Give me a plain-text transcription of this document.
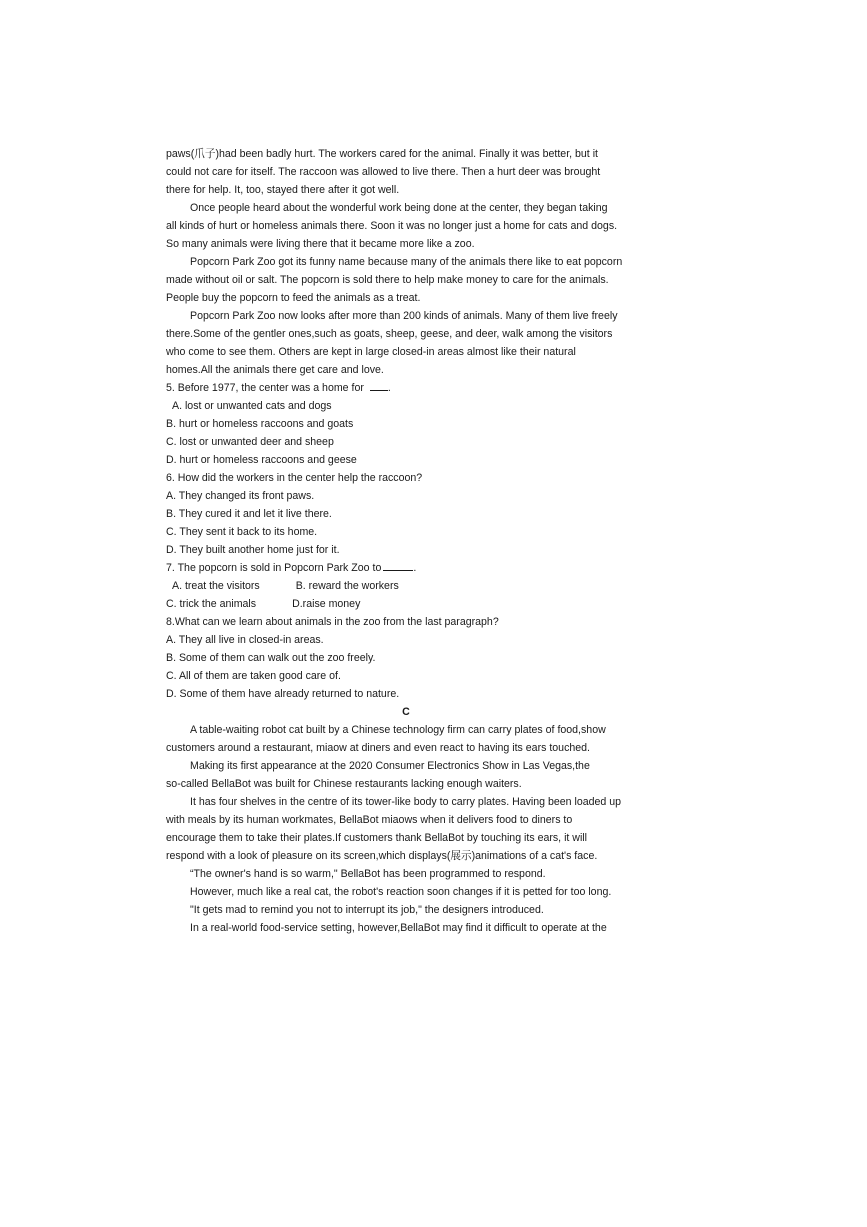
paws(爪子)had been badly hurt. The workers cared for the animal. Finally it was better, but it
could not care for itself. The raccoon was allowed to live there. Then a hurt deer was brought
there for help. It, too, stayed there after it got well.
Once people heard about the wonderful work being done at the center, they began taking
all kinds of hurt or homeless animals there. Soon it was no longer just a home for cats and dogs.
So many animals were living there that it became more like a zoo.
Popcorn Park Zoo got its funny name because many of the animals there like to eat popcorn
made without oil or salt. The popcorn is sold there to help make money to care for the animals.
People buy the popcorn to feed the animals as a treat.
Popcorn Park Zoo now looks after more than 200 kinds of animals. Many of them live freely
there.Some of the gentler ones,such as goats, sheep, geese, and deer, walk among the visitors
who come to see them. Others are kept in large closed-in areas almost like their natural
homes.All the animals there get care and love.
5. Before 1977, the center was a home for .
A. lost or unwanted cats and dogs
B. hurt or homeless raccoons and goats
C. lost or unwanted deer and sheep
D. hurt or homeless raccoons and geese
6. How did the workers in the center help the raccoon?
A. They changed its front paws.
B. They cured it and let it live there.
C. They sent it back to its home.
D. They built another home just for it.
7. The popcorn is sold in Popcorn Park Zoo to	.
A. treat the visitors	B. reward the workers
C. trick the animals	D.raise money
8.What can we learn about animals in the zoo from the last paragraph?
A. They all live in closed-in areas.
B. Some of them can walk out the zoo freely.
C. All of them are taken good care of.
D. Some of them have already returned to nature.
C
A table-waiting robot cat built by a Chinese technology firm can carry plates of food,show
customers around a restaurant, miaow at diners and even react to having its ears touched.
Making its first appearance at the 2020 Consumer Electronics Show in Las Vegas,the
so-called BellaBot was built for Chinese restaurants lacking enough waiters.
It has four shelves in the centre of its tower-like body to carry plates. Having been loaded up
with meals by its human workmates, BellaBot miaows when it delivers food to diners to
encourage them to take their plates.If customers thank BellaBot by touching its ears, it will
respond with a look of pleasure on its screen,which displays(展示)animations of a cat's face.
“The owner's hand is so warm," BellaBot has been programmed to respond.
However, much like a real cat, the robot's reaction soon changes if it is petted for too long.
"It gets mad to remind you not to interrupt its job," the designers introduced.
In a real-world food-service setting, however,BellaBot may find it difficult to operate at the
